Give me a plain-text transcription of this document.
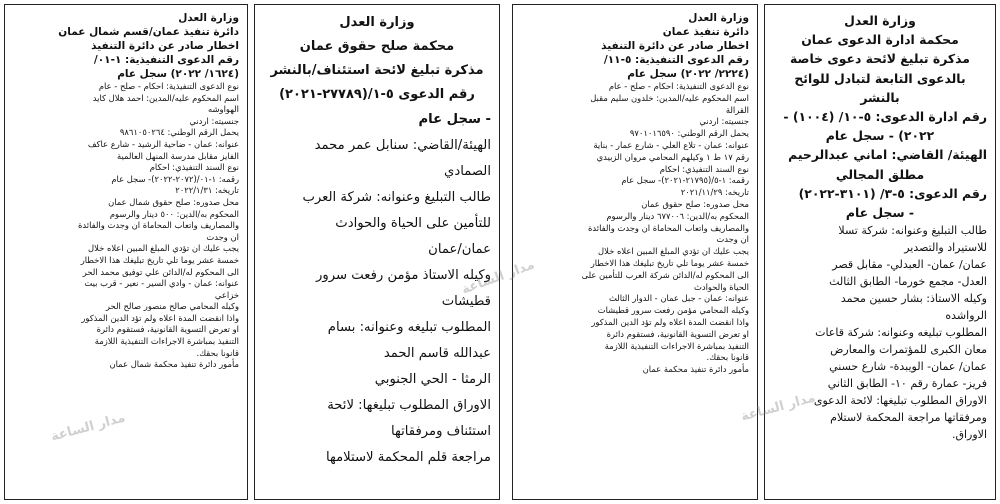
وزارة العدل

محكمة ادارة الدعوى عمان

مذكرة تبليغ لائحة دعوى خاصة

بالدعوى التابعة لتبادل للوائح

بالنشر

رقم ادارة الدعوى: ٥-١٠/ (١٠٠٤) -

٢٠٢٢) - سجل عام

الهيئة/ القاضي: اماني عبدالرحيم

مطلق المجالي

رقم الدعوى: ٥-٣/ (٣١٠١-٢٠٢٢)

- سجل عام

طالب التبليغ وعنوانه: شركة تسلا

للاستيراد والتصدير

عمان/ عمان- العبدلي- مقابل قصر

العدل- مجمع خورما- الطابق الثالث

وكيله الاستاذ: بشار حسين محمد

الرواشده

المطلوب تبليغه وعنوانه: شركة قاعات

معان الكبرى للمؤتمرات والمعارض

عمان/ عمان- الويبدة- شارع حسني

فريز- عمارة رقم ١٠- الطابق الثاني

الاوراق المطلوب تبليغها: لائحة الدعوى

ومرفقاتها مراجعة المحكمة لاستلام

الاوراق.

وزارة العدل

دائرة تنفيذ عمان

اخطار صادر عن دائرة التنفيذ

رقم الدعوى التنفيذية: ٥-١١/

(٢٢٢٤/ ٢٠٢٢) سجل عام

نوع الدعوى التنفيذية: احكام - صلح - عام

اسم المحكوم عليه/المدين: خلدون سليم مقبل

القرالة

جنسيته: اردني

يحمل الرقم الوطني: ٩٧٠١٠١٦٥٩٠

عنوانه: عمان - تلاع العلي - شارع عمار - بناية

رقم ١٧ ط ١ وكيلهم المحامي مروان الزبيدي

نوع السند التنفيذي: احكام

رقمه: ١-٥/(٢١٧٩٥-٢٠٢١)- سجل عام

تاريخه: ٢٠٢١/١١/٢٩

محل صدوره: صلح حقوق عمان

المحكوم به/الدين: ٦٧٧٠٠٦ دينار والرسوم

والمصاريف واتعاب المحاماة ان وجدت والفائدة

ان وجدت

يجب عليك ان تؤدي المبلغ المبين اعلاه خلال

خمسة عشر يوما تلي تاريخ تبليغك هذا الاخطار

الى المحكوم له/الدائن شركة العرب للتأمين على

الحياة والحوادث

عنوانه: عمان - جبل عمان - الدوار الثالث

وكيله المحامي مؤمن رفعت سرور قطيشات

واذا انقضت المدة اعلاه ولم تؤد الدين المذكور

او تعرض التسوية القانونية، فستقوم دائرة

التنفيذ بمباشرة الاجراءات التنفيذية اللازمة

قانونا بحقك.

مأمور دائرة تنفيذ محكمة عمان

وزارة العدل

محكمة صلح حقوق عمان

مذكرة تبليغ لائحة استئناف/بالنشر

رقم الدعوى ٥-١/(٢٧٧٨٩-٢٠٢١)

- سجل عام

الهيئة/القاضي: سنابل عمر محمد

الصمادي

طالب التبليغ وعنوانه: شركة العرب

للتأمين على الحياة والحوادث

عمان/عمان

وكيله الاستاذ مؤمن رفعت سرور

قطيشات

المطلوب تبليغه وعنوانه: بسام

عبدالله قاسم الحمد

الرمثا - الحي الجنوبي

الاوراق المطلوب تبليغها: لائحة

استئناف ومرفقاتها

مراجعة قلم المحكمة لاستلامها

وزارة العدل

دائرة تنفيذ عمان/قسم شمال عمان

اخطار صادر عن دائرة التنفيذ

رقم الدعوى التنفيذية: ١-٠١/

(١٦٢٤/ ٢٠٢٢) سجل عام

نوع الدعوى التنفيذية: احكام - صلح - عام

اسم المحكوم عليه/المدين: احمد هلال كايد

الهواوشه

جنسيته: اردني

يحمل الرقم الوطني: ٩٨٦١٠٥٠٢٦٤

عنوانه: عمان - ضاحية الرشيد - شارع عاكف

الفايز مقابل مدرسة المنهل العالمية

نوع السند التنفيذي: احكام

رقمه: ١-٠١/(٢٠٧٢-٢٠٢٢)- سجل عام

تاريخه: ٢٠٢٢/١/٣١

محل صدوره: صلح حقوق شمال عمان

المحكوم به/الدين: ٥٠٠ دينار والرسوم

والمصاريف واتعاب المحاماة ان وجدت والفائدة

ان وجدت

يجب عليك ان تؤدي المبلغ المبين اعلاه خلال

خمسة عشر يوما تلي تاريخ تبليغك هذا الاخطار

الى المحكوم له/الدائن علي توفيق محمد الحر

عنوانه: عمان - وادي السير - نعير - قرب بيت

خزاعي

وكيله المحامي صالح منصور صالح الحر

واذا انقضت المدة اعلاه ولم تؤد الدين المذكور

او تعرض التسوية القانونية، فستقوم دائرة

التنفيذ بمباشرة الاجراءات التنفيذية اللازمة

قانونا بحقك.

مأمور دائرة تنفيذ محكمة شمال عمان

مدار الساعة
مدار الساعة
مدار الساعة
